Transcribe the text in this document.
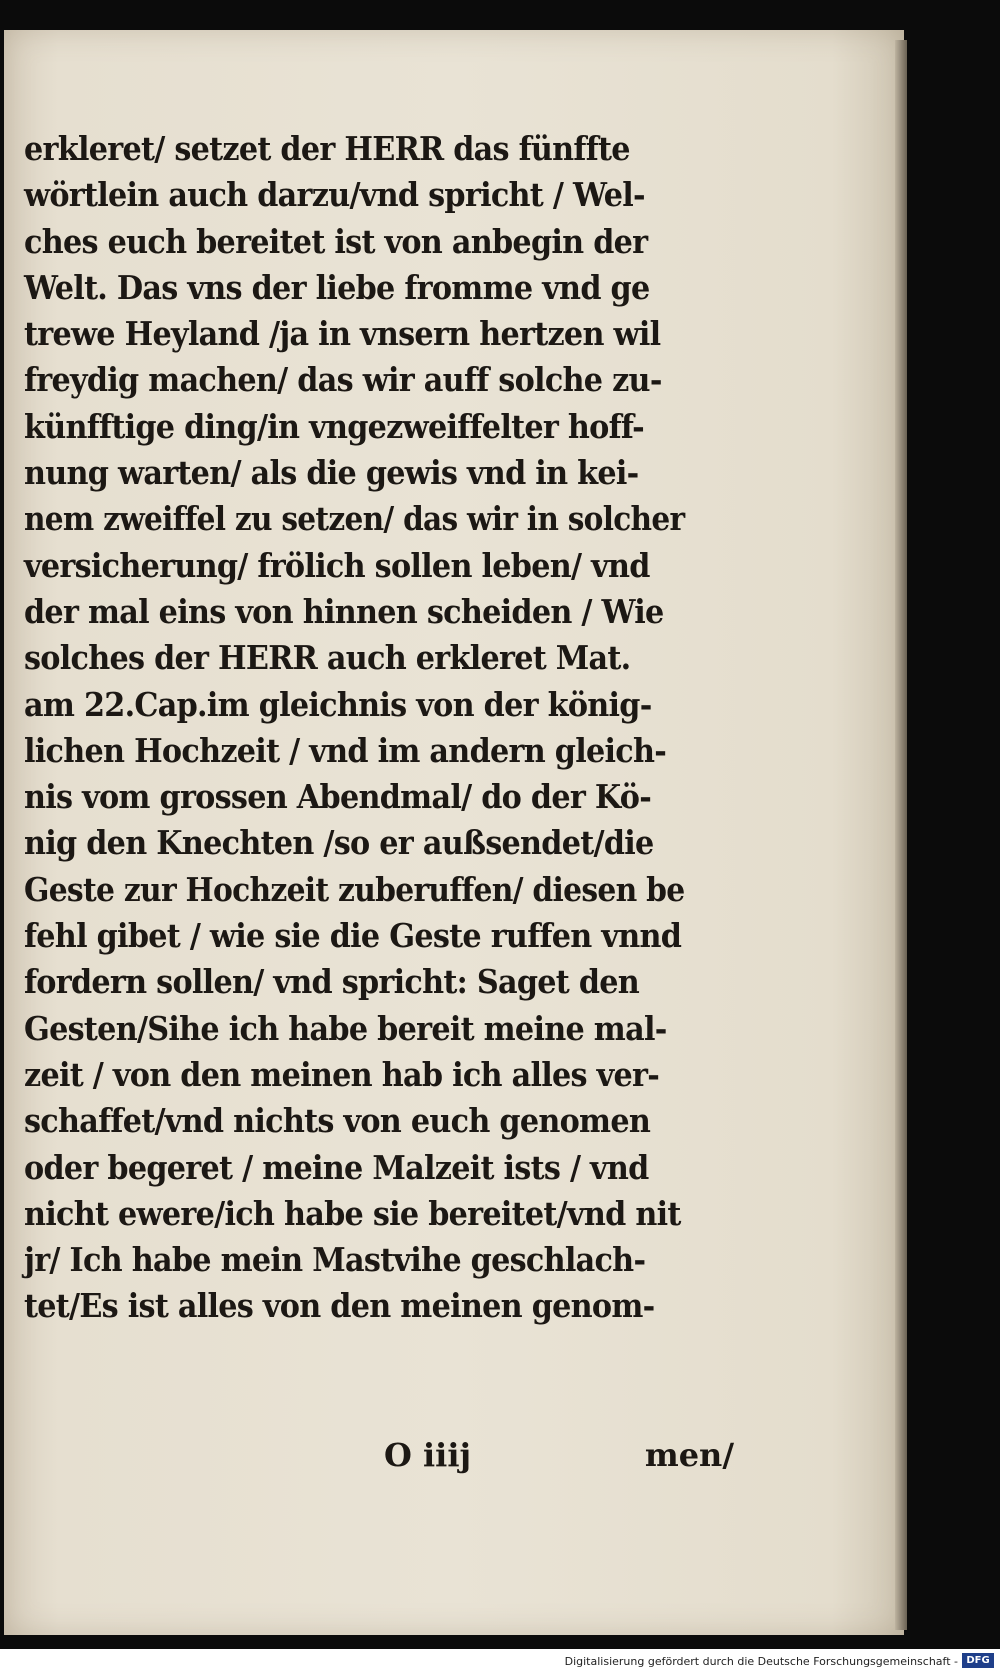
erkleret/ setzet der HERR das fünffte
wörtlein auch darzu/vnd spricht / Wel-
ches euch bereitet ist von anbegin der
Welt. Das vns der liebe fromme vnd ge
trewe Heyland /ja in vnsern hertzen wil
freydig machen/ das wir auff solche zu-
künfftige ding/in vngezweiffelter hoff-
nung warten/ als die gewis vnd in kei-
nem zweiffel zu setzen/ das wir in solcher
versicherung/ frölich sollen leben/ vnd
der mal eins von hinnen scheiden / Wie
solches der HERR auch erkleret Mat.
am 22.Cap.im gleichnis von der könig-
lichen Hochzeit / vnd im andern gleich-
nis vom grossen Abendmal/ do der Kö-
nig den Knechten /so er außsendet/die
Geste zur Hochzeit zuberuffen/ diesen be
fehl gibet / wie sie die Geste ruffen vnnd
fordern sollen/ vnd spricht: Saget den
Gesten/Sihe ich habe bereit meine mal-
zeit / von den meinen hab ich alles ver-
schaffet/vnd nichts von euch genomen
oder begeret / meine Malzeit ists / vnd
nicht ewere/ich habe sie bereitet/vnd nit
jr/ Ich habe mein Mastvihe geschlach-
tet/Es ist alles von den meinen genom-
O iiij	men/
Digitalisierung gefördert durch die Deutsche Forschungsgemeinschaft - DFG
